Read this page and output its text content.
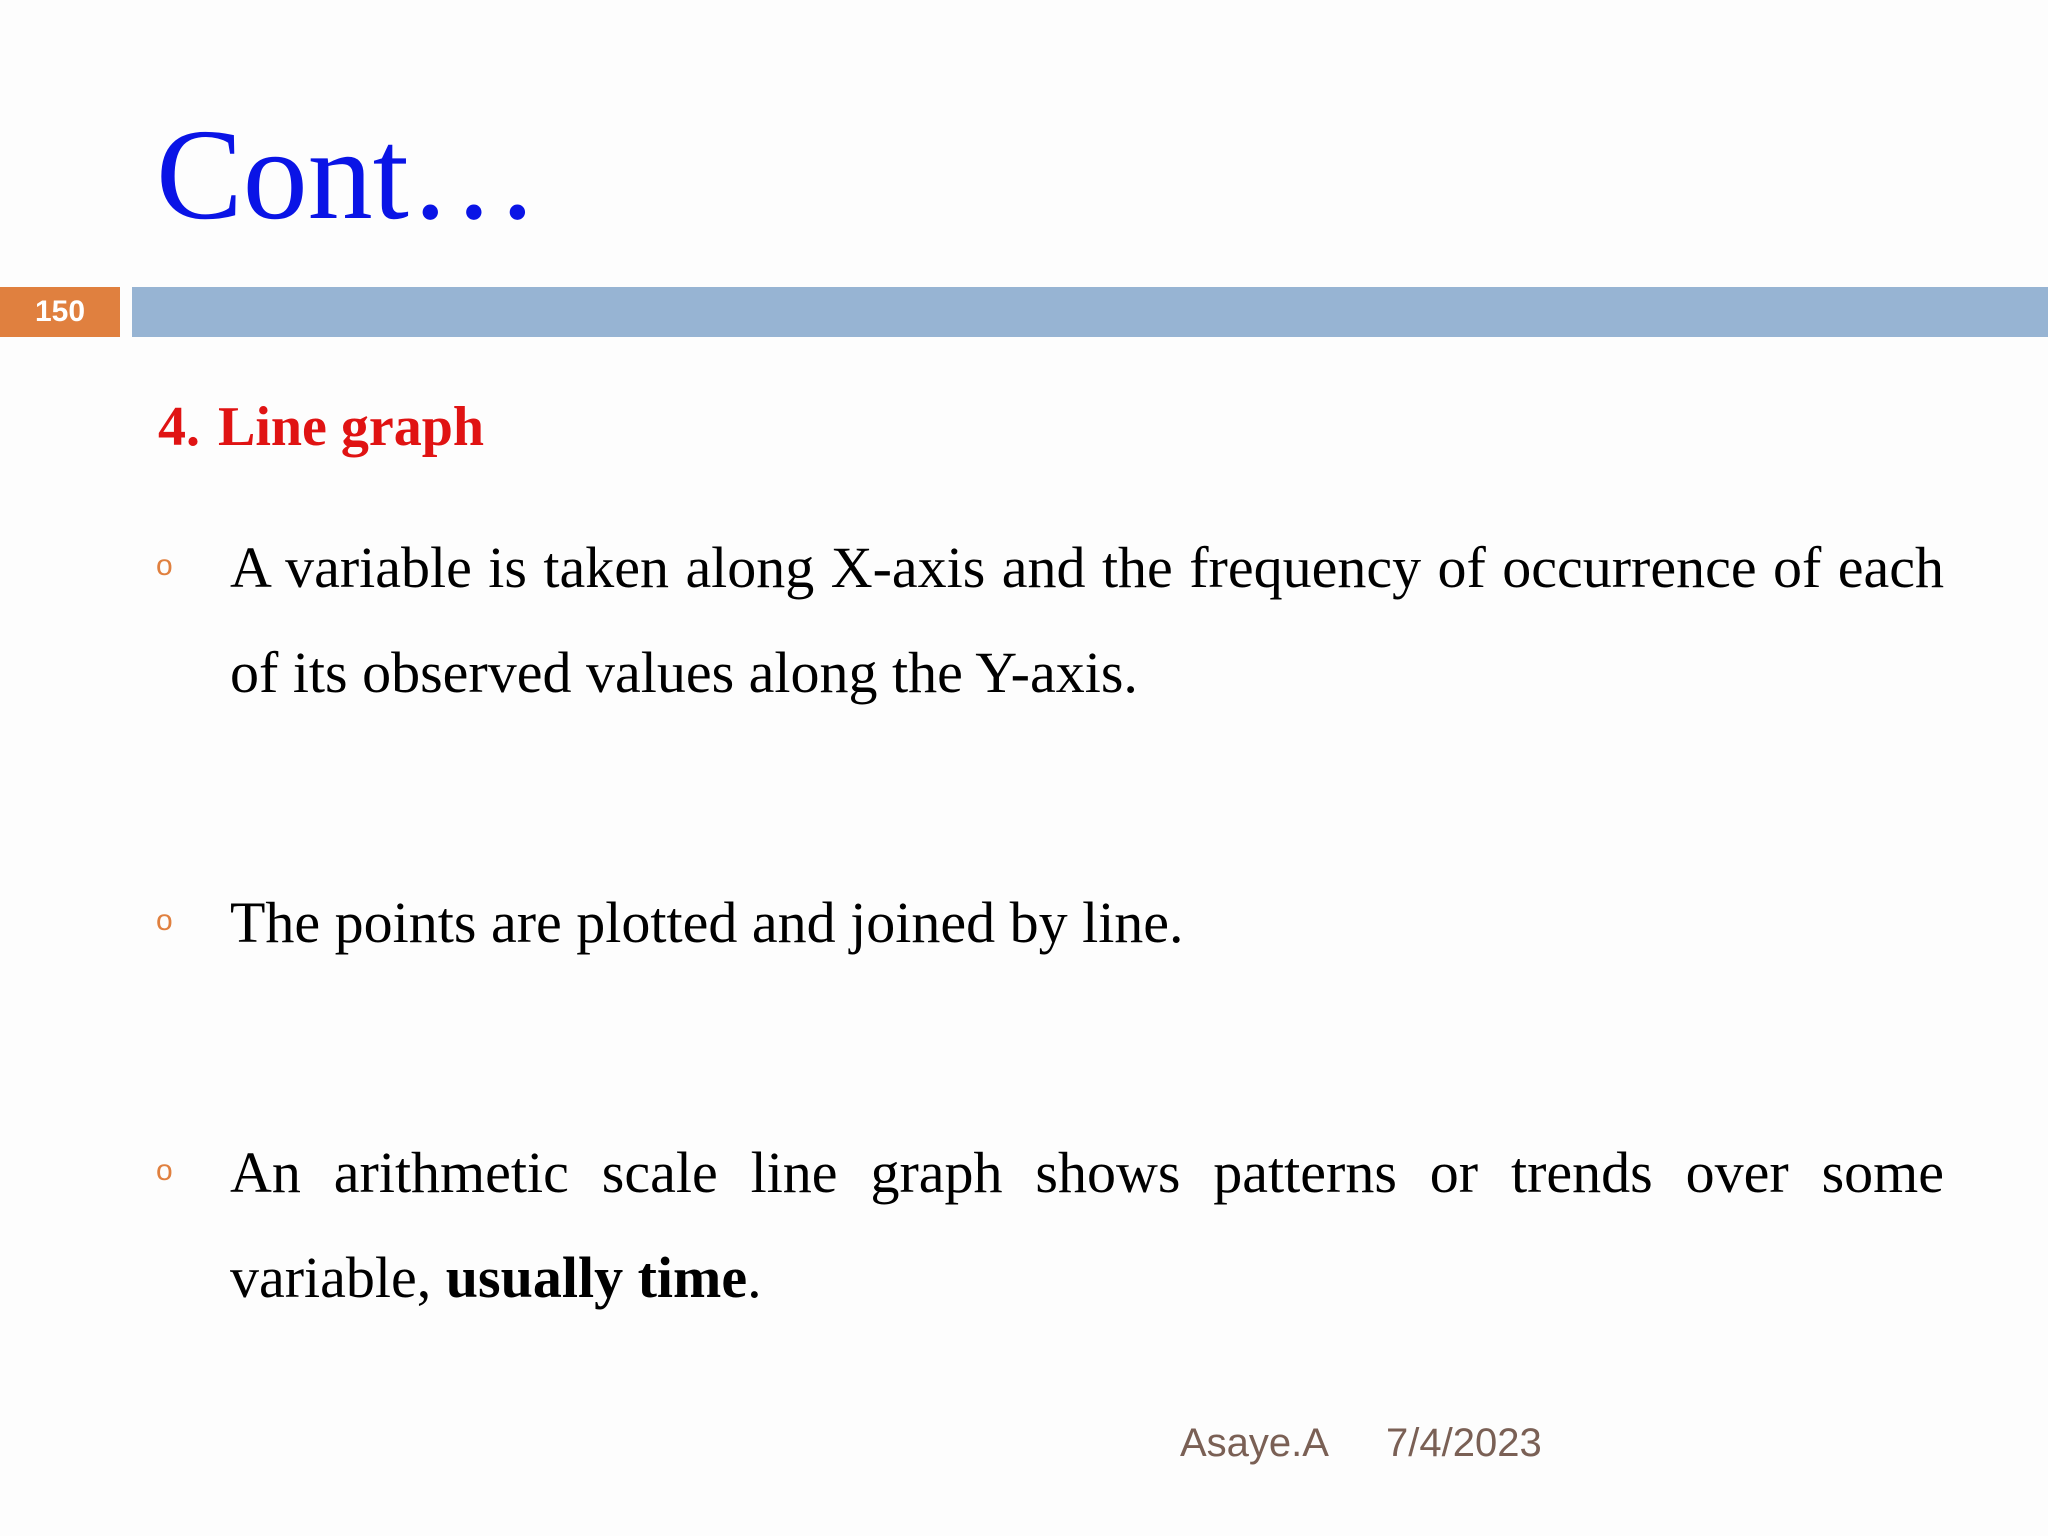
Cont…
150
4. Line graph
o A variable is taken along X-axis and the frequency of occurrence of each of its observed values along the Y-axis.
o The points are plotted and joined by line.
o An arithmetic scale line graph shows patterns or trends over some variable, usually time.
Asaye.A 7/4/2023
